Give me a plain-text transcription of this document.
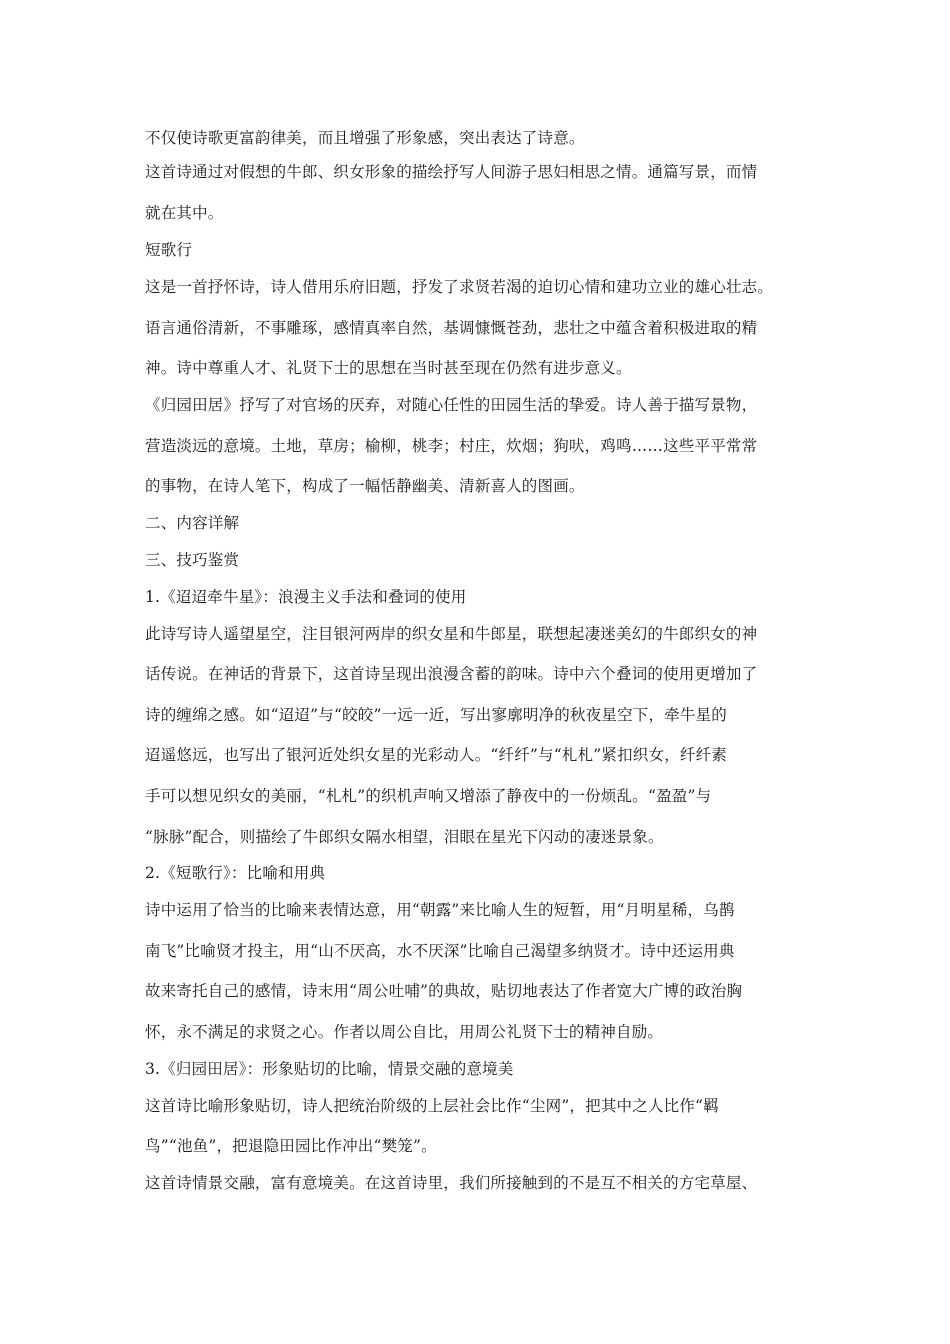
不仅使诗歌更富韵律美，而且增强了形象感，突出表达了诗意。
这首诗通过对假想的牛郎、织女形象的描绘抒写人间游子思妇相思之情。通篇写景，而情
就在其中。
短歌行
这是一首抒怀诗，诗人借用乐府旧题，抒发了求贤若渴的迫切心情和建功立业的雄心壮志。
语言通俗清新，不事雕琢，感情真率自然，基调慷慨苍劲，悲壮之中蕴含着积极进取的精
神。诗中尊重人才、礼贤下士的思想在当时甚至现在仍然有进步意义。
《归园田居》抒写了对官场的厌弃，对随心任性的田园生活的挚爱。诗人善于描写景物，
营造淡远的意境。土地，草房；榆柳，桃李；村庄，炊烟；狗吠，鸡鸣……这些平平常常
的事物，在诗人笔下，构成了一幅恬静幽美、清新喜人的图画。
二、内容详解
三、技巧鉴赏
1.《迢迢牵牛星》：浪漫主义手法和叠词的使用
此诗写诗人遥望星空，注目银河两岸的织女星和牛郎星，联想起凄迷美幻的牛郎织女的神
话传说。在神话的背景下，这首诗呈现出浪漫含蓄的韵味。诗中六个叠词的使用更增加了
诗的缠绵之感。如“迢迢”与“皎皎”一远一近，写出寥廓明净的秋夜星空下，牵牛星的
迢遥悠远，也写出了银河近处织女星的光彩动人。“纤纤”与“札札”紧扣织女，纤纤素
手可以想见织女的美丽，“札札”的织机声响又增添了静夜中的一份烦乱。“盈盈”与
“脉脉”配合，则描绘了牛郎织女隔水相望，泪眼在星光下闪动的凄迷景象。
2.《短歌行》：比喻和用典
诗中运用了恰当的比喻来表情达意，用“朝露”来比喻人生的短暂，用“月明星稀，乌鹊
南飞”比喻贤才投主，用“山不厌高，水不厌深”比喻自己渴望多纳贤才。诗中还运用典
故来寄托自己的感情，诗末用“周公吐哺”的典故，贴切地表达了作者宽大广博的政治胸
怀，永不满足的求贤之心。作者以周公自比，用周公礼贤下士的精神自励。
3.《归园田居》：形象贴切的比喻，情景交融的意境美
这首诗比喻形象贴切，诗人把统治阶级的上层社会比作“尘网”，把其中之人比作“羁
鸟”“池鱼”，把退隐田园比作冲出“樊笼”。
这首诗情景交融，富有意境美。在这首诗里，我们所接触到的不是互不相关的方宅草屋、
